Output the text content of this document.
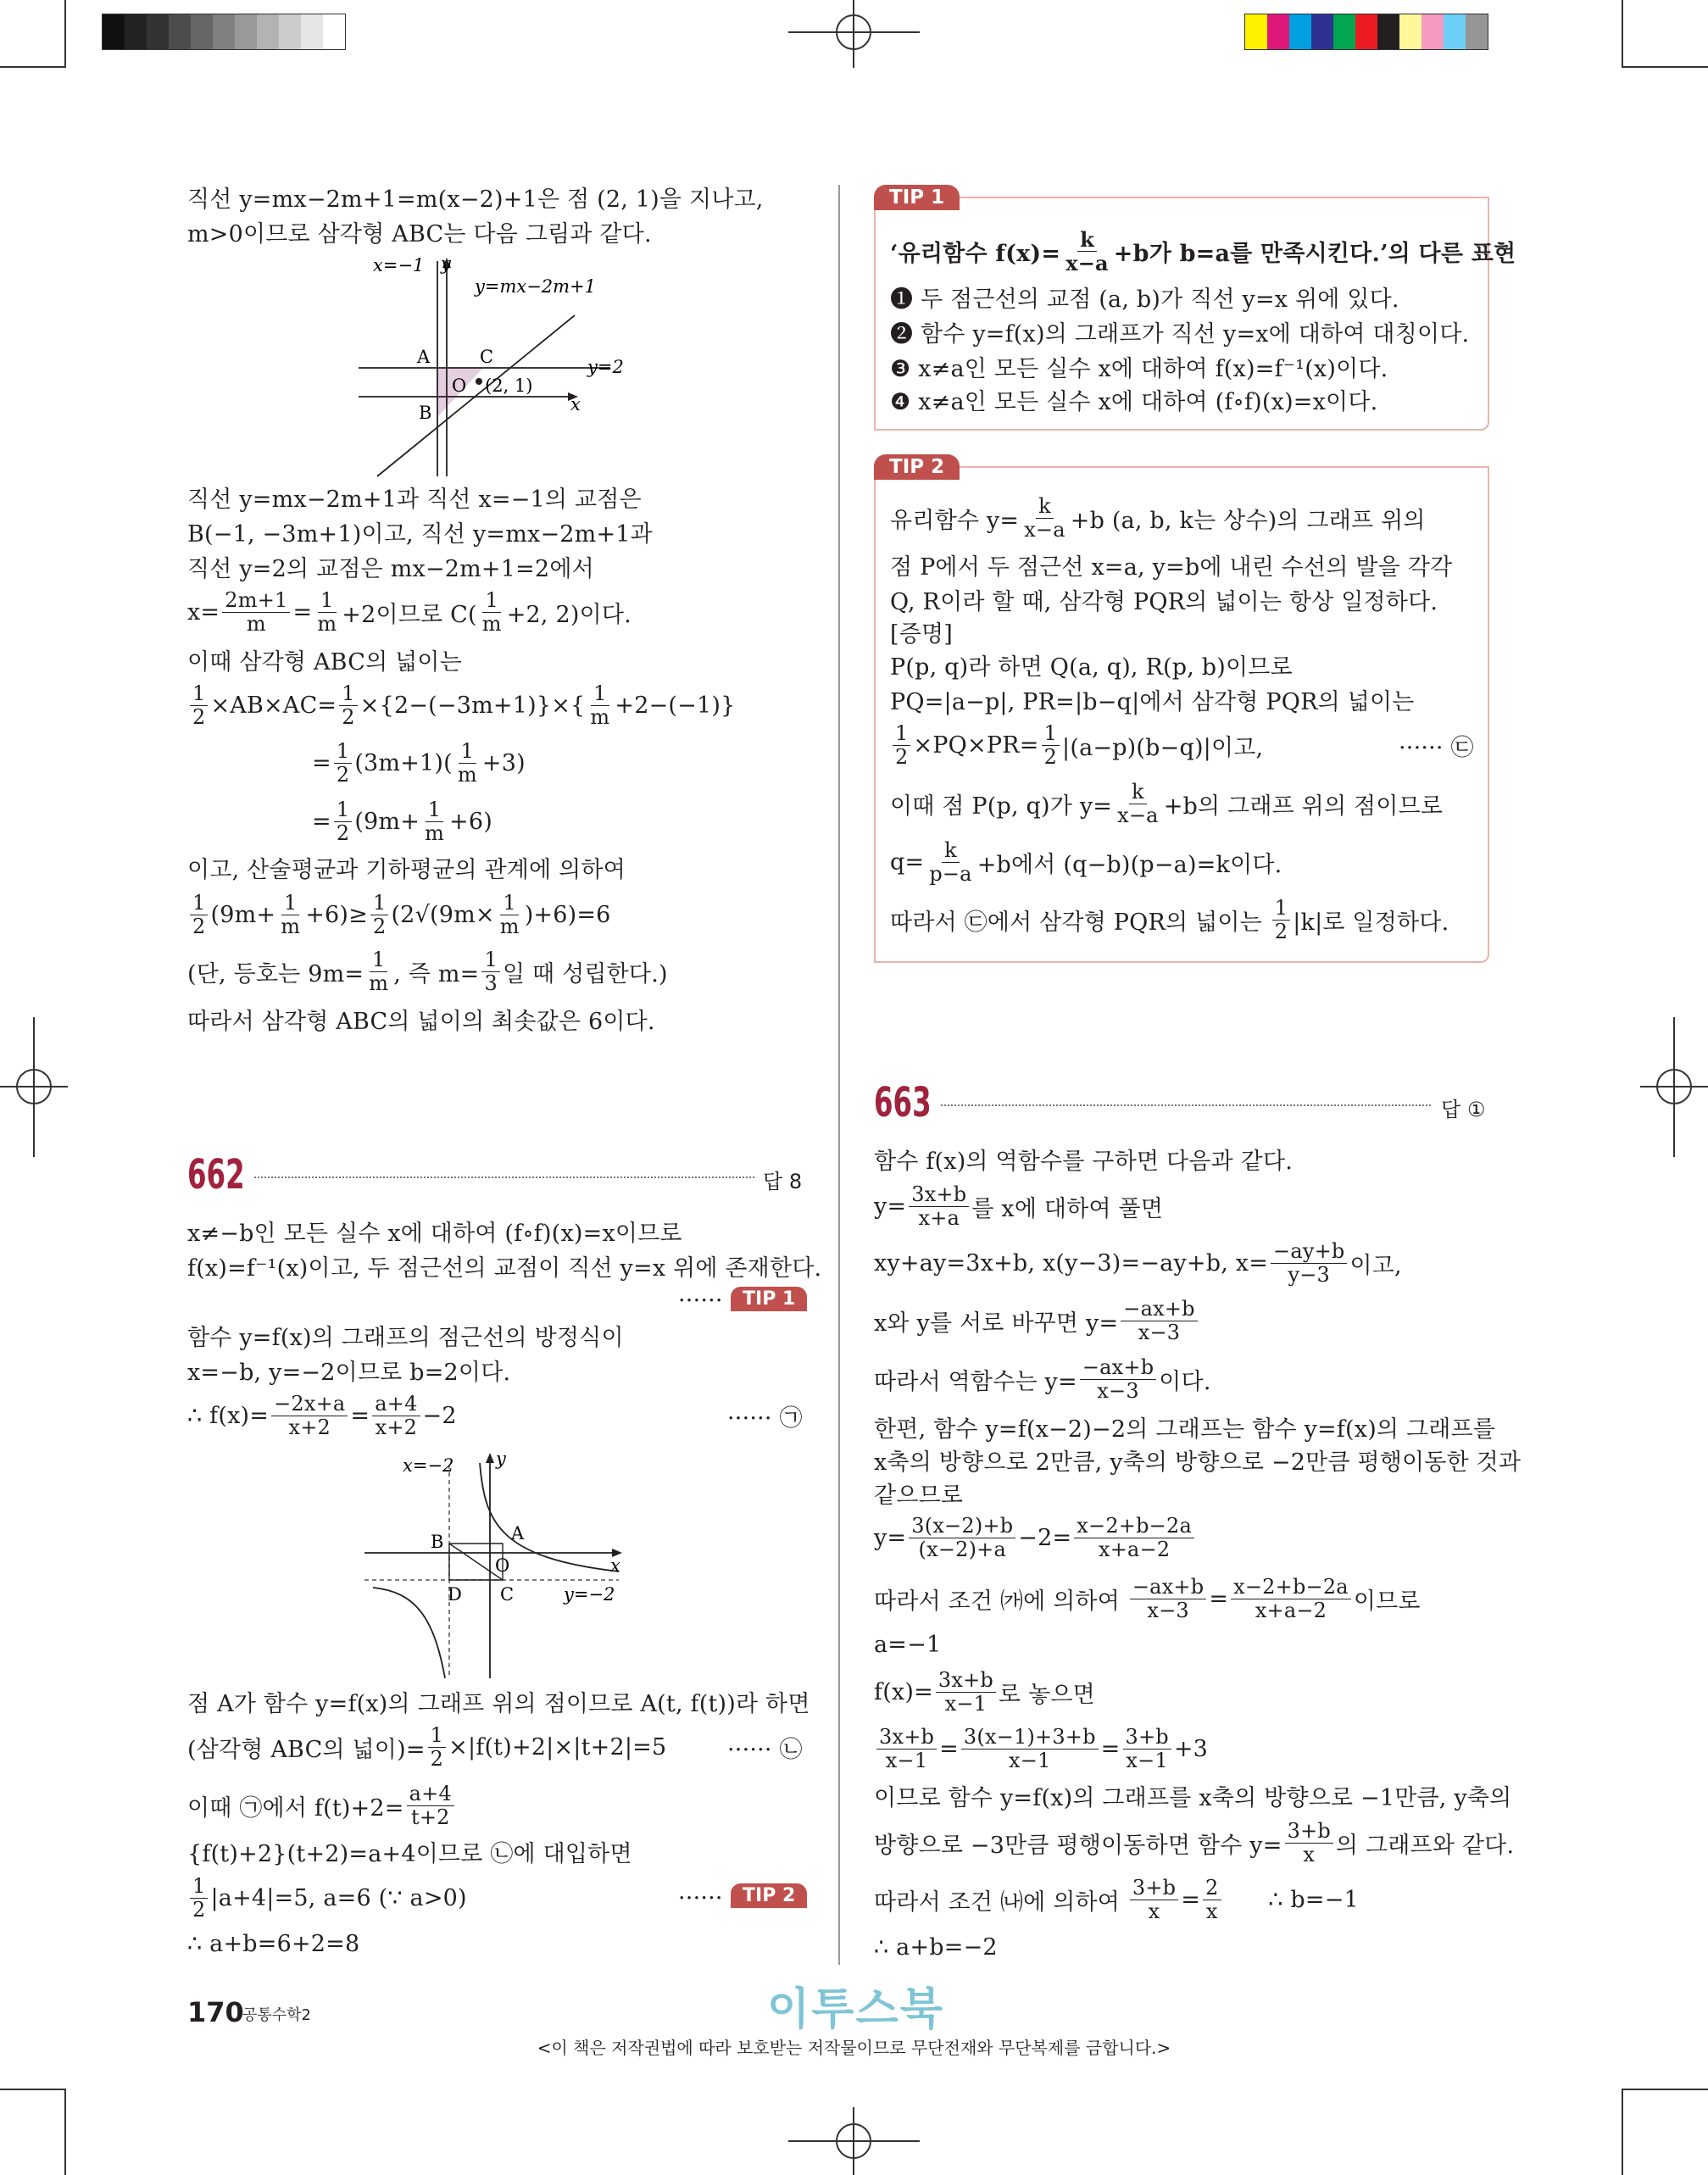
직선 y=mx−2m+1=m(x−2)+1은 점 (2, 1)을 지나고,
m>0이므로 삼각형 ABC는 다음 그림과 같다.
x=−1 y
y=mx−2m+1
A	C	y=2
O (2, 1)
B	x
직선 y=mx−2m+1과 직선 x=−1의 교점은
B(−1, −3m+1)이고, 직선 y=mx−2m+1과
직선 y=2의 교점은 mx−2m+1=2에서
$x= \frac{2m+1}{m} = \frac{1}{m} +2$이므로 $C( \frac{1}{m} +2$, 2)이다.
이때 삼각형 ABC의 넓이는
$\frac{1}{2} \times AB\times AC= \frac{1}{2} \times\{2-(-3m+1)\}\times\{ \frac{1}{m} +2-(-1)\}$
= $\frac{1}{2} (3m+1)( \frac{1}{m} +3)$
= $\frac{1}{2} (9m+ \frac{1}{m} +6)$
이고, 산술평균과 기하평균의 관계에 의하여
$\frac{1}{2} (9m+ \frac{1}{m} +6)\ge \frac{1}{2} (2√(9m\times \frac{1}{m} )+6)=6$
(단, 등호는 $9m= \frac{1}{m}$ , 즉 $m= \frac{1}{3}$ 일 때 성립한다.)
따라서 삼각형 ABC의 넓이의 최솟값은 6이다.
662	답 8
x≠−b인 모든 실수 x에 대하여 (f∘f)(x)=x이므로
f(x)=f⁻¹(x)이고, 두 점근선의 교점이 직선 y=x 위에 존재한다.
······	TIP 1
함수 y=f(x)의 그래프의 점근선의 방정식이
x=−b, y=−2이므로 b=2이다.
∴ $f(x)= \frac{-2x+a}{x+2} = \frac{a+4}{x+2} -2$	······ ㉠
x=−2 y
B	A
O	x
D C	y=−2
점 A가 함수 y=f(x)의 그래프 위의 점이므로 A(t, f(t))라 하면
(삼각형 ABC의 넓이)= $\frac{1}{2} \times|f(t)+2|\times|t+2|=5$	······ ㉡
이때 ㉠에서 $f(t)+2= \frac{a+4}{t+2}$
{f(t)+2}(t+2)=a+4이므로 ㉡에 대입하면
$\frac{1}{2} |a+4|=5$, a=6 (∵ a>0)	······	TIP 2
∴ a+b=6+2=8
170
공통수학2
TIP 1
‘유리함수 $f(x)= \frac{k}{x-a} +b$가 b=a를 만족시킨다.’의 다른 표현
❶ 두 점근선의 교점 (a, b)가 직선 y=x 위에 있다.
❷ 함수 y=f(x)의 그래프가 직선 y=x에 대하여 대칭이다.
❸ x≠a인 모든 실수 x에 대하여 f(x)=f⁻¹(x)이다.
❹ x≠a인 모든 실수 x에 대하여 (f∘f)(x)=x이다.
TIP 2
유리함수 $y= \frac{k}{x-a} +b$ (a, b, k는 상수)의 그래프 위의
점 P에서 두 점근선 x=a, y=b에 내린 수선의 발을 각각
Q, R이라 할 때, 삼각형 PQR의 넓이는 항상 일정하다.
[증명]
P(p, q)라 하면 Q(a, q), R(p, b)이므로
PQ=|a−p|, PR=|b−q|에서 삼각형 PQR의 넓이는
$\frac{1}{2} \times PQ\times PR= \frac{1}{2} |(a-p)(b-q)|$이고,	······ ㉢
이때 점 P(p, q)가 $y= \frac{k}{x-a} +b$의 그래프 위의 점이므로
$q= \frac{k}{p-a} +b$에서 (q−b)(p−a)=k이다.
따라서 ㉢에서 삼각형 PQR의 넓이는 $\frac{1}{2} |k|$로 일정하다.
663	답 ①
함수 f(x)의 역함수를 구하면 다음과 같다.
$y= \frac{3x+b}{x+a}$ 를 x에 대하여 풀면
xy+ay=3x+b, x(y−3)=−ay+b, $x= \frac{-ay+b}{y-3}$ 이고,
x와 y를 서로 바꾸면 $y= \frac{-ax+b}{x-3}$
따라서 역함수는 $y= \frac{-ax+b}{x-3}$ 이다.
한편, 함수 y=f(x−2)−2의 그래프는 함수 y=f(x)의 그래프를
x축의 방향으로 2만큼, y축의 방향으로 −2만큼 평행이동한 것과
같으므로
$y= \frac{3(x-2)+b}{(x-2)+a} -2= \frac{x-2+b-2a}{x+a-2}$
따라서 조건 ㈎에 의하여 $\frac{-ax+b}{x-3} = \frac{x-2+b-2a}{x+a-2}$ 이므로
a=−1
$f(x)= \frac{3x+b}{x-1}$ 로 놓으면
$\frac{3x+b}{x-1} = \frac{3(x-1)+3+b}{x-1} = \frac{3+b}{x-1} +3$
이므로 함수 y=f(x)의 그래프를 x축의 방향으로 −1만큼, y축의
방향으로 −3만큼 평행이동하면 함수 $y= \frac{3+b}{x}$ 의 그래프와 같다.
따라서 조건 ㈏에 의하여 $\frac{3+b}{x} = \frac{2}{x}$ ∴ b=−1
∴ a+b=−2
이투스북
<이 책은 저작권법에 따라 보호받는 저작물이므로 무단전재와 무단복제를 금합니다.>
